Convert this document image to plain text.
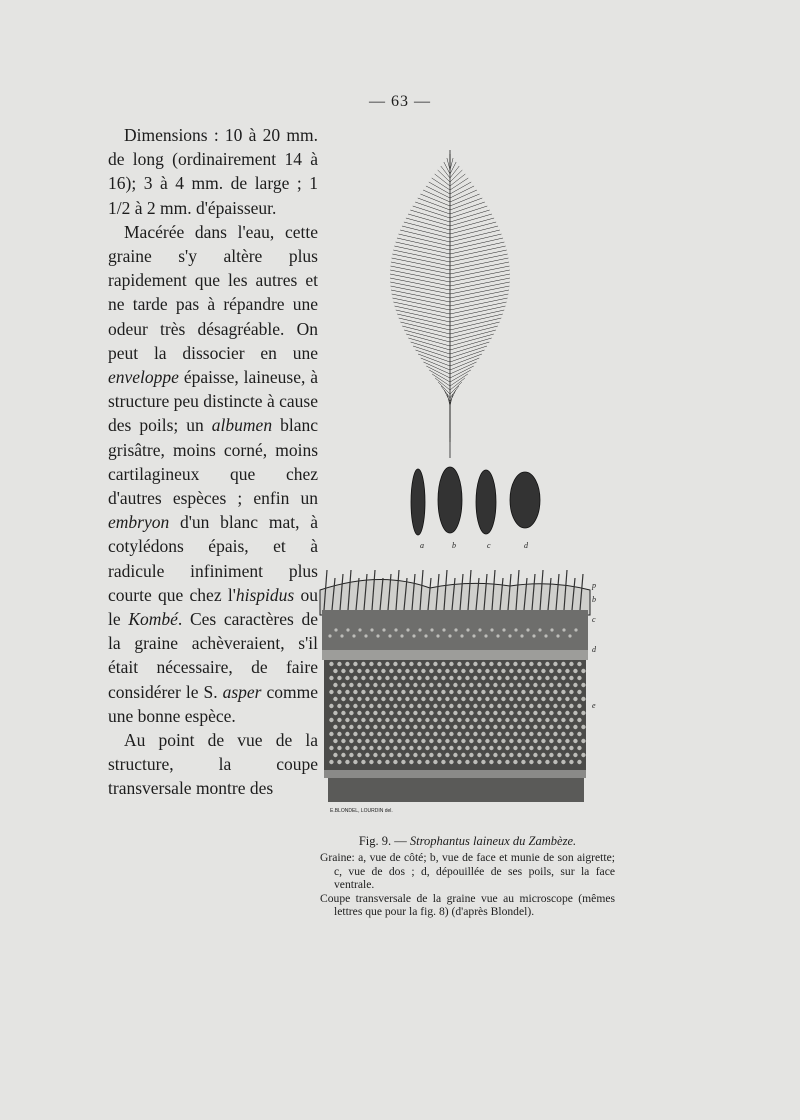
— 63 —

Dimensions : 10 à 20 mm. de long (ordinairement 14 à 16); 3 à 4 mm. de large ; 1 1/2 à 2 mm. d'épaisseur.

Macérée dans l'eau, cette graine s'y altère plus rapidement que les autres et ne tarde pas à répandre une odeur très désagréable. On peut la dissocier en une enveloppe épaisse, laineuse, à structure peu distincte à cause des poils; un albumen blanc grisâtre, moins corné, moins cartilagineux que chez d'autres espèces ; enfin un embryon d'un blanc mat, à cotylédons épais, et à radicule infiniment plus courte que chez l'hispidus ou le Kombé. Ces caractères de la graine achèveraient, s'il était nécessaire, de faire considérer le S. asper comme une bonne espèce.

Au point de vue de la structure, la coupe transversale montre des

a	b	c	d
p
b
c
d
e
E.BLONDEL, LOURDIN del.
Fig. 9. — Strophantus laineux du Zambèze.
Graine: a, vue de côté; b, vue de face et munie de son aigrette; c, vue de dos ; d, dépouillée de ses poils, sur la face ventrale.
Coupe transversale de la graine vue au microscope (mêmes lettres que pour la fig. 8) (d'après Blondel).
